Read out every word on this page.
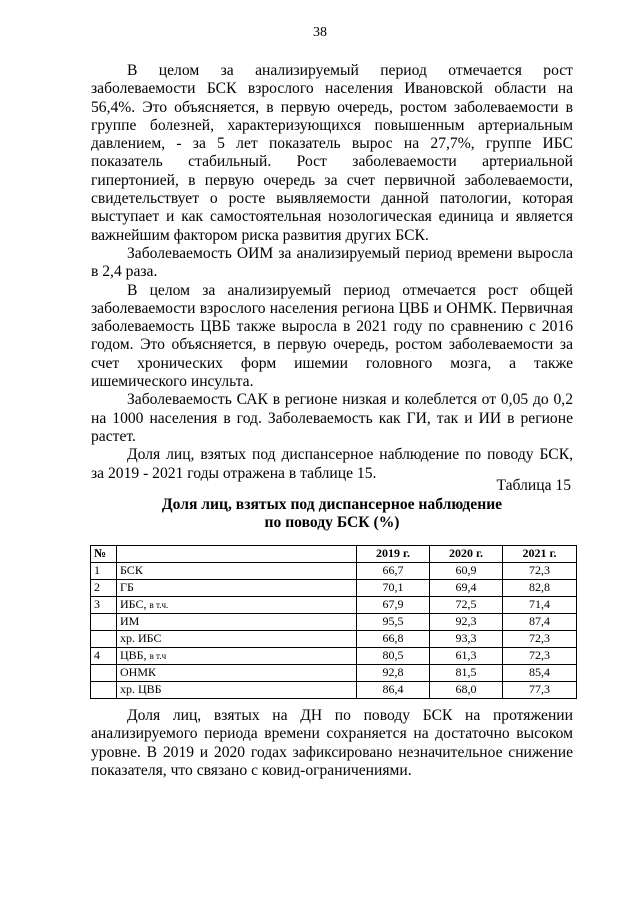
38

В целом за анализируемый период отмечается рост заболеваемости БСК взрослого населения Ивановской области на 56,4%. Это объясняется, в первую очередь, ростом заболеваемости в группе болезней, характеризующихся повышенным артериальным давлением, - за 5 лет показатель вырос на 27,7%, группе ИБС показатель стабильный. Рост заболеваемости артериальной гипертонией, в первую очередь за счет первичной заболеваемости, свидетельствует о росте выявляемости данной патологии, которая выступает и как самостоятельная нозологическая единица и является важнейшим фактором риска развития других БСК.

Заболеваемость ОИМ за анализируемый период времени выросла в 2,4 раза.

В целом за анализируемый период отмечается рост общей заболеваемости взрослого населения региона ЦВБ и ОНМК. Первичная заболеваемость ЦВБ также выросла в 2021 году по сравнению с 2016 годом. Это объясняется, в первую очередь, ростом заболеваемости за счет хронических форм ишемии головного мозга, а также ишемического инсульта.

Заболеваемость САК в регионе низкая и колеблется от 0,05 до 0,2 на 1000 населения в год. Заболеваемость как ГИ, так и ИИ в регионе растет.

Доля лиц, взятых под диспансерное наблюдение по поводу БСК, за 2019 - 2021 годы отражена в таблице 15.

Таблица 15
Доля лиц, взятых под диспансерное наблюдение
по поводу БСК (%)
№		2019 г.	2020 г.	2021 г.
1	БСК	66,7	60,9	72,3
2	ГБ	70,1	69,4	82,8
3	ИБС, в т.ч.	67,9	72,5	71,4
	ИМ	95,5	92,3	87,4
	хр. ИБС	66,8	93,3	72,3
4	ЦВБ, в т.ч	80,5	61,3	72,3
	ОНМК	92,8	81,5	85,4
	хр. ЦВБ	86,4	68,0	77,3

Доля лиц, взятых на ДН по поводу БСК на протяжении анализируемого периода времени сохраняется на достаточно высоком уровне. В 2019 и 2020 годах зафиксировано незначительное снижение показателя, что связано с ковид-ограничениями.
